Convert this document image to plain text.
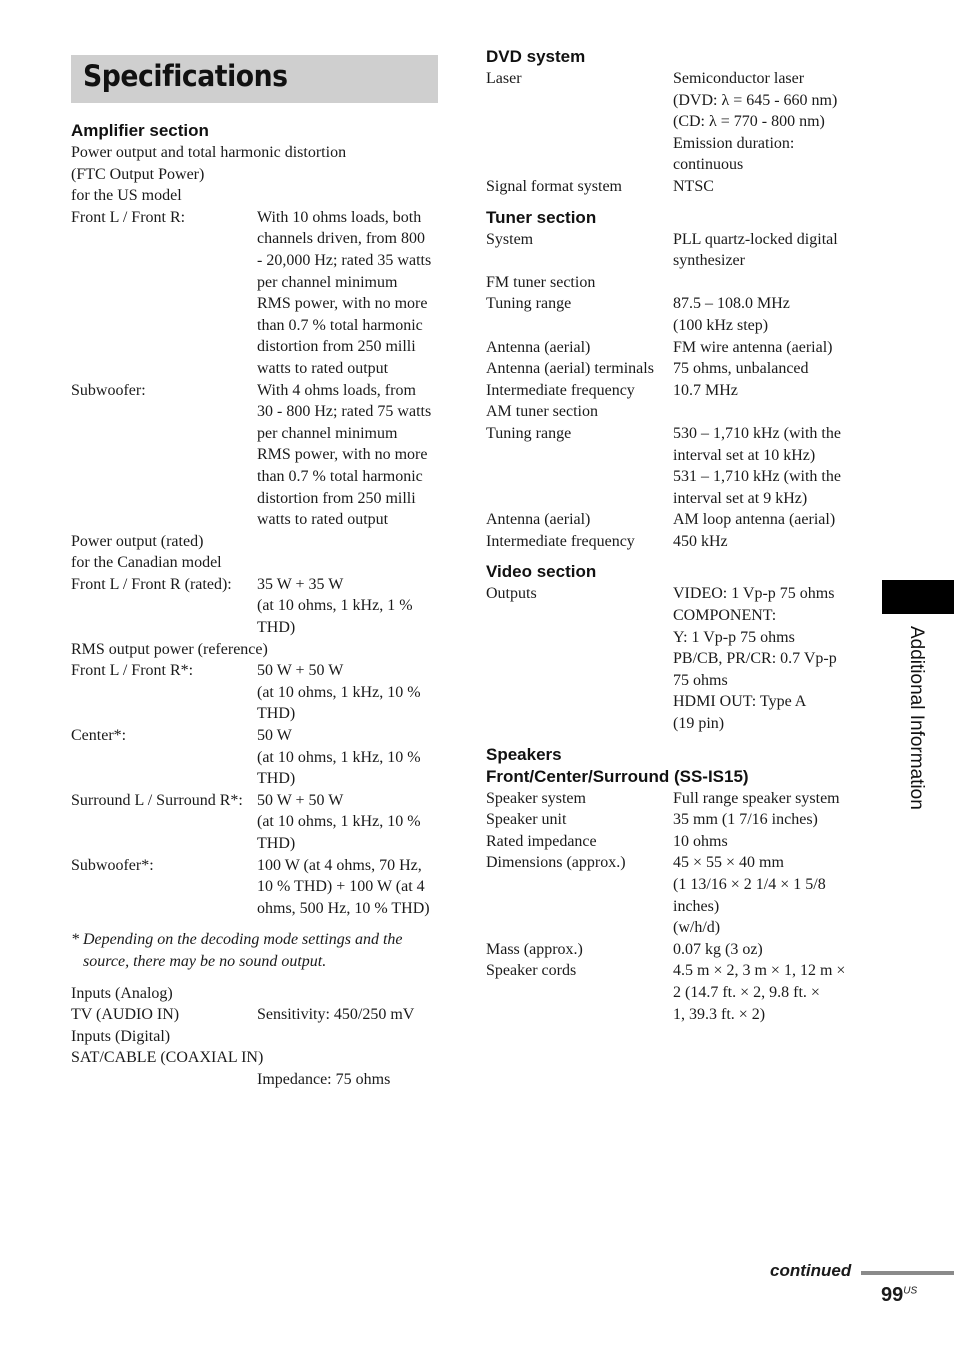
Specifications

Amplifier section

Power output and total harmonic distortion
(FTC Output Power)
for the US model
Front L / Front R:	With 10 ohms loads, both
channels driven, from 800
- 20,000 Hz; rated 35 watts
per channel minimum
RMS power, with no more
than 0.7 % total harmonic
distortion from 250 milli
watts to rated output
Subwoofer:	With 4 ohms loads, from
30 - 800 Hz; rated 75 watts
per channel minimum
RMS power, with no more
than 0.7 % total harmonic
distortion from 250 milli
watts to rated output
Power output (rated)
for the Canadian model
Front L / Front R (rated):	35 W + 35 W
(at 10 ohms, 1 kHz, 1 %
THD)
RMS output power (reference)
Front L / Front R*:	50 W + 50 W
(at 10 ohms, 1 kHz, 10 %
THD)
Center*:	50 W
(at 10 ohms, 1 kHz, 10 %
THD)
Surround L / Surround R*: 50 W + 50 W
(at 10 ohms, 1 kHz, 10 %
THD)
Subwoofer*:	100 W (at 4 ohms, 70 Hz,
10 % THD) + 100 W (at 4
ohms, 500 Hz, 10 % THD)
* Depending on the decoding mode settings and the source, there may be no sound output.
Inputs (Analog)
TV (AUDIO IN)	Sensitivity: 450/250 mV
Inputs (Digital)
SAT/CABLE (COAXIAL IN)
Impedance: 75 ohms

DVD system

Laser	Semiconductor laser
(DVD: λ = 645 - 660 nm)
(CD: λ = 770 - 800 nm)
Emission duration:
continuous
Signal format system	NTSC

Tuner section

System	PLL quartz-locked digital
synthesizer
FM tuner section
Tuning range	87.5 – 108.0 MHz
(100 kHz step)
Antenna (aerial)	FM wire antenna (aerial)
Antenna (aerial) terminals	75 ohms, unbalanced
Intermediate frequency	10.7 MHz
AM tuner section
Tuning range	530 – 1,710 kHz (with the
interval set at 10 kHz)
531 – 1,710 kHz (with the
interval set at 9 kHz)
Antenna (aerial)	AM loop antenna (aerial)
Intermediate frequency	450 kHz

Video section

Outputs	VIDEO: 1 Vp-p 75 ohms
COMPONENT:
Y: 1 Vp-p 75 ohms
PB/CB, PR/CR: 0.7 Vp-p
75 ohms
HDMI OUT: Type A
(19 pin)

Speakers

Front/Center/Surround (SS-IS15)

Speaker system	Full range speaker system
Speaker unit	35 mm (1 7/16 inches)
Rated impedance	10 ohms
Dimensions (approx.)	45 × 55 × 40 mm
(1 13/16 × 2 1/4 × 1 5/8 inches)
(w/h/d)
Mass (approx.)	0.07 kg (3 oz)
Speaker cords	4.5 m × 2, 3 m × 1, 12 m ×
2 (14.7 ft. × 2, 9.8 ft. ×
1, 39.3 ft. × 2)
Additional Information
continued
$99^{US}$
